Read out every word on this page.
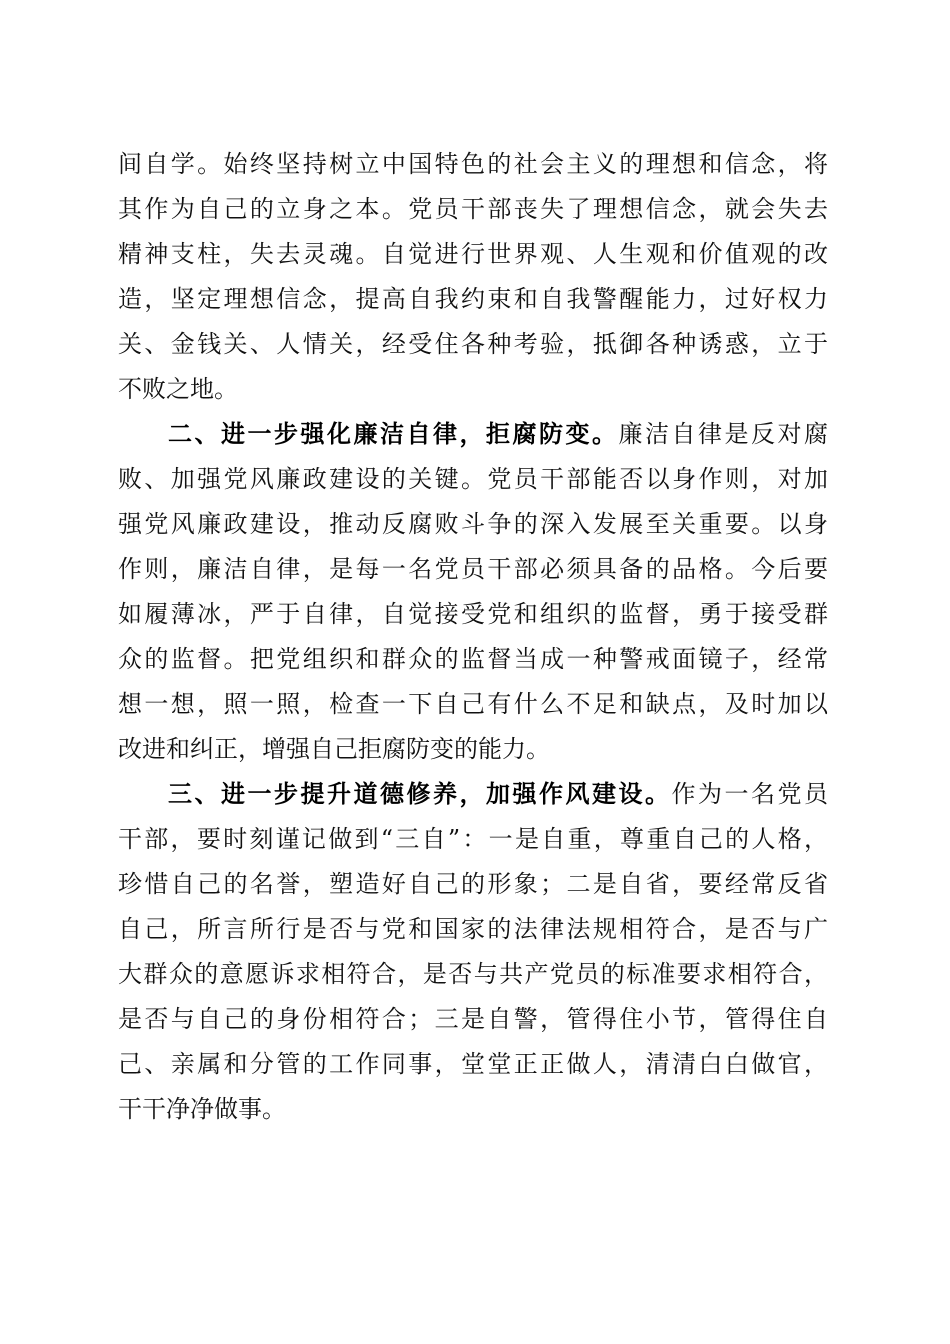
间自学。始终坚持树立中国特色的社会主义的理想和信念，将
其作为自己的立身之本。党员干部丧失了理想信念，就会失去
精神支柱，失去灵魂。自觉进行世界观、人生观和价值观的改
造，坚定理想信念，提高自我约束和自我警醒能力，过好权力
关、金钱关、人情关，经受住各种考验，抵御各种诱惑，立于
不败之地。
二、进一步强化廉洁自律，拒腐防变。廉洁自律是反对腐
败、加强党风廉政建设的关键。党员干部能否以身作则，对加
强党风廉政建设，推动反腐败斗争的深入发展至关重要。以身
作则，廉洁自律，是每一名党员干部必须具备的品格。今后要
如履薄冰，严于自律，自觉接受党和组织的监督，勇于接受群
众的监督。把党组织和群众的监督当成一种警戒面镜子，经常
想一想，照一照，检查一下自己有什么不足和缺点，及时加以
改进和纠正，增强自己拒腐防变的能力。
三、进一步提升道德修养，加强作风建设。作为一名党员
干部，要时刻谨记做到“三自”：一是自重，尊重自己的人格，
珍惜自己的名誉，塑造好自己的形象；二是自省，要经常反省
自己，所言所行是否与党和国家的法律法规相符合，是否与广
大群众的意愿诉求相符合，是否与共产党员的标准要求相符合，
是否与自己的身份相符合；三是自警，管得住小节，管得住自
己、亲属和分管的工作同事，堂堂正正做人，清清白白做官，
干干净净做事。
